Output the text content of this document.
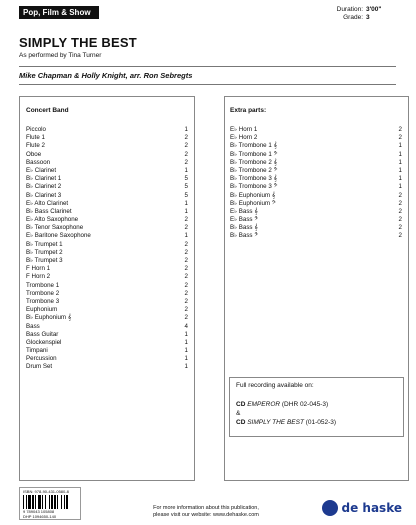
Pop, Film & Show	Duration: 3'00"
Grade: 3
SIMPLY THE BEST
As performed by Tina Turner
Mike Chapman & Holly Knight, arr. Ron Sebregts
Concert Band
Piccolo	1
Flute 1	2
Flute 2	2
Oboe	2
Bassoon	2
E♭ Clarinet	1
B♭ Clarinet 1	5
B♭ Clarinet 2	5
B♭ Clarinet 3	5
E♭ Alto Clarinet	1
B♭ Bass Clarinet	1
E♭ Alto Saxophone	2
B♭ Tenor Saxophone	2
E♭ Baritone Saxophone	1
B♭ Trumpet 1	2
B♭ Trumpet 2	2
B♭ Trumpet 3	2
F Horn 1	2
F Horn 2	2
Trombone 1	2
Trombone 2	2
Trombone 3	2
Euphonium	2
B♭ Euphonium 𝄞	2
Bass	4
Bass Guitar	1
Glockenspiel	1
Timpani	1
Percussion	1
Drum Set	1
Extra parts:
E♭ Horn 1	2
E♭ Horn 2	2
B♭ Trombone 1 𝄞	1
B♭ Trombone 1 𝄢	1
B♭ Trombone 2 𝄞	1
B♭ Trombone 2 𝄢	1
B♭ Trombone 3 𝄞	1
B♭ Trombone 3 𝄢	1
B♭ Euphonium 𝄞	2
B♭ Euphonium 𝄢	2
E♭ Bass 𝄞	2
E♭ Bass 𝄢	2
B♭ Bass 𝄞	2
B♭ Bass 𝄢	2
Full recording available on:
CD EMPEROR (DHR 02-045-3)
&
CD SIMPLY THE BEST (01-052-3)
ISBN: 978-90-431-0580-8
9 789043 105808
DHP 1094650-140
For more information about this publication,
please visit our website: www.dehaske.com	de haske
